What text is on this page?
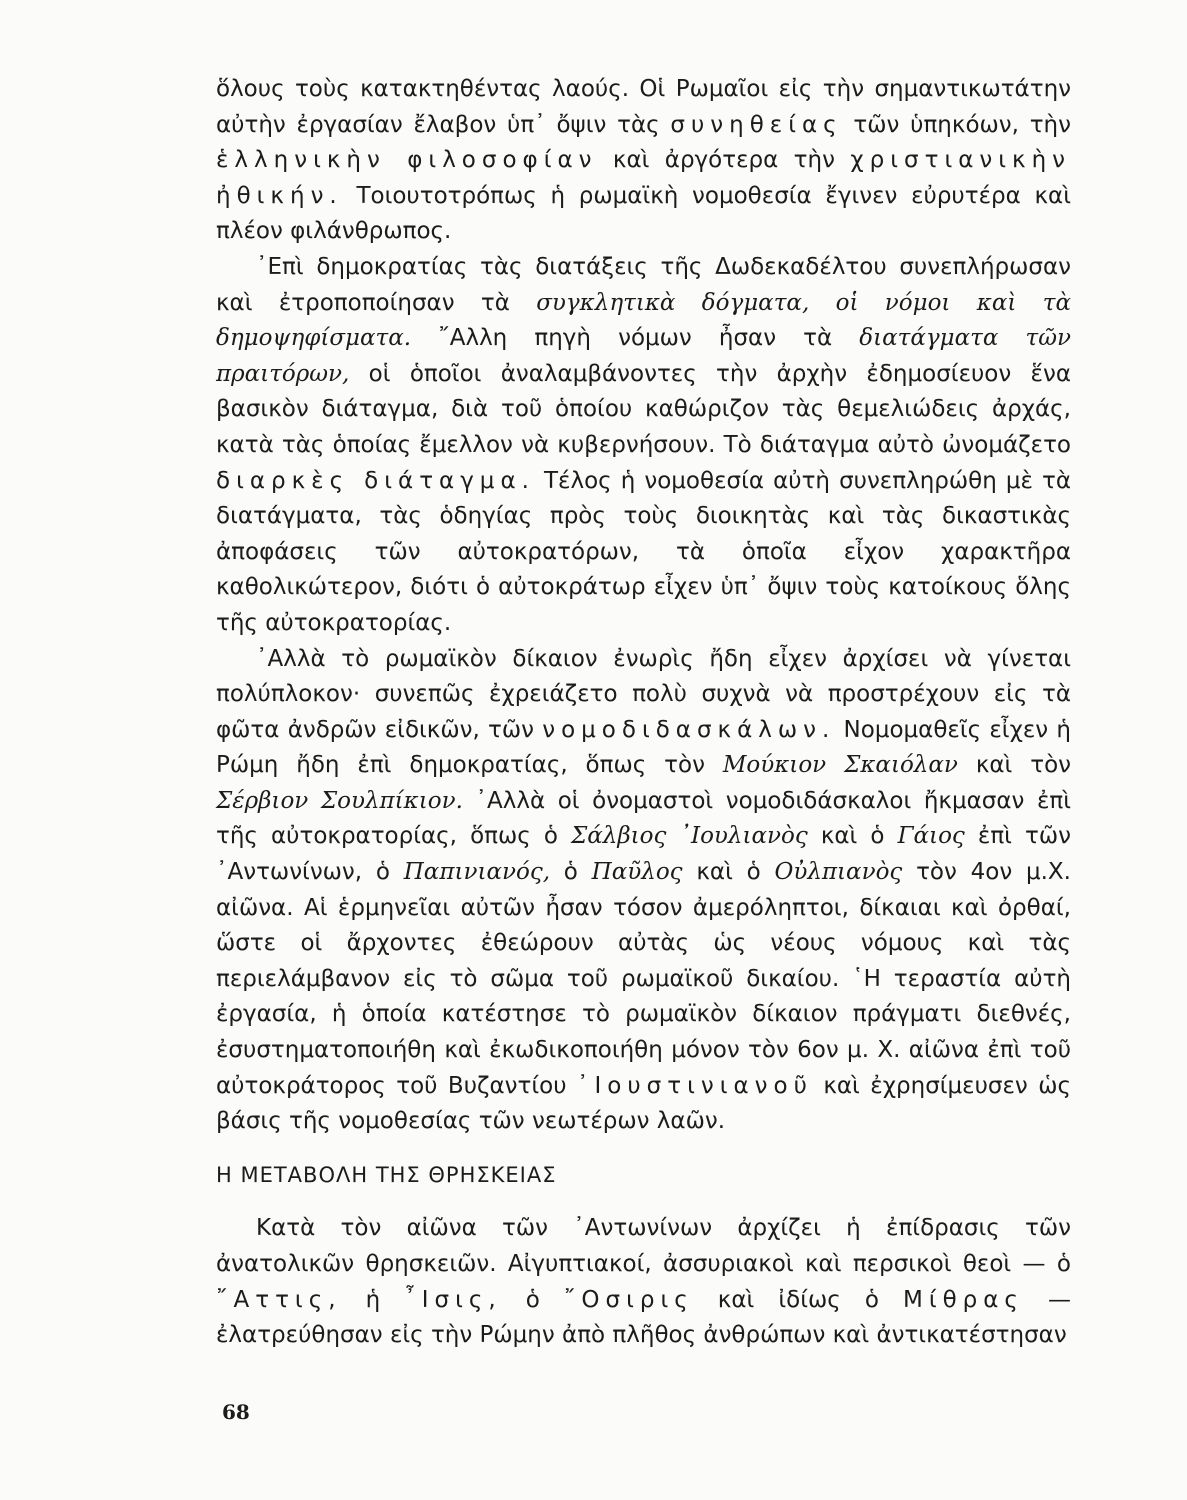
ὅλους τοὺς κατακτηθέντας λαούς. Οἱ Ρωμαῖοι εἰς τὴν σημαντικωτάτην αὐτὴν ἐργασίαν ἔλαβον ὑπ᾽ ὄψιν τὰς συνηθείας τῶν ὑπηκόων, τὴν ἑλληνικὴν φιλοσοφίαν καὶ ἀργότερα τὴν χριστιανικὴν ἠθικήν. Τοιουτοτρόπως ἡ ρωμαϊκὴ νομοθεσία ἔγινεν εὐρυτέρα καὶ πλέον φιλάνθρωπος.

᾽Επὶ δημοκρατίας τὰς διατάξεις τῆς Δωδεκαδέλτου συνεπλήρωσαν καὶ ἐτροποποίησαν τὰ συγκλητικὰ δόγματα, οἱ νόμοι καὶ τὰ δημοψηφίσματα. ῎Αλλη πηγὴ νόμων ἦσαν τὰ διατάγματα τῶν πραιτόρων, οἱ ὁποῖοι ἀναλαμβάνοντες τὴν ἀρχὴν ἐδημοσίευον ἕνα βασικὸν διάταγμα, διὰ τοῦ ὁποίου καθώριζον τὰς θεμελιώδεις ἀρχάς, κατὰ τὰς ὁποίας ἔμελλον νὰ κυβερνήσουν. Τὸ διάταγμα αὐτὸ ὠνομάζετο διαρκὲς διάταγμα. Τέλος ἡ νομοθεσία αὐτὴ συνεπληρώθη μὲ τὰ διατάγματα, τὰς ὁδηγίας πρὸς τοὺς διοικητὰς καὶ τὰς δικαστικὰς ἀποφάσεις τῶν αὐτοκρατόρων, τὰ ὁποῖα εἶχον χαρακτῆρα καθολικώτερον, διότι ὁ αὐτοκράτωρ εἶχεν ὑπ᾽ ὄψιν τοὺς κατοίκους ὅλης τῆς αὐτοκρατορίας.

᾽Αλλὰ τὸ ρωμαϊκὸν δίκαιον ἐνωρὶς ἤδη εἶχεν ἀρχίσει νὰ γίνεται πολύπλοκον· συνεπῶς ἐχρειάζετο πολὺ συχνὰ νὰ προστρέχουν εἰς τὰ φῶτα ἀνδρῶν εἰδικῶν, τῶν νομοδιδασκάλων. Νομομαθεῖς εἶχεν ἡ Ρώμη ἤδη ἐπὶ δημοκρατίας, ὅπως τὸν Μούκιον Σκαιόλαν καὶ τὸν Σέρβιον Σουλπίκιον. ᾽Αλλὰ οἱ ὀνομαστοὶ νομοδιδάσκαλοι ἤκμασαν ἐπὶ τῆς αὐτοκρατορίας, ὅπως ὁ Σάλβιος ᾽Ιουλιανὸς καὶ ὁ Γάιος ἐπὶ τῶν ᾽Αντωνίνων, ὁ Παπινιανός, ὁ Παῦλος καὶ ὁ Οὐλπιανὸς τὸν 4ον μ.Χ. αἰῶνα. Αἱ ἑρμηνεῖαι αὐτῶν ἦσαν τόσον ἀμερόληπτοι, δίκαιαι καὶ ὀρθαί, ὥστε οἱ ἄρχοντες ἐθεώρουν αὐτὰς ὡς νέους νόμους καὶ τὰς περιελάμβανον εἰς τὸ σῶμα τοῦ ρωμαϊκοῦ δικαίου. ῾Η τεραστία αὐτὴ ἐργασία, ἡ ὁποία κατέστησε τὸ ρωμαϊκὸν δίκαιον πράγματι διεθνές, ἐσυστηματοποιήθη καὶ ἐκωδικοποιήθη μόνον τὸν 6ον μ. Χ. αἰῶνα ἐπὶ τοῦ αὐτοκράτορος τοῦ Βυζαντίου ᾽Ιουστινιανοῦ καὶ ἐχρησίμευσεν ὡς βάσις τῆς νομοθεσίας τῶν νεωτέρων λαῶν.

Η ΜΕΤΑΒΟΛΗ ΤΗΣ ΘΡΗΣΚΕΙΑΣ

Κατὰ τὸν αἰῶνα τῶν ᾽Αντωνίνων ἀρχίζει ἡ ἐπίδρασις τῶν ἀνατολικῶν θρησκειῶν. Αἰγυπτιακοί, ἀσσυριακοὶ καὶ περσικοὶ θεοὶ — ὁ ῎Αττις, ἡ ῏Ισις, ὁ ῎Οσιρις καὶ ἰδίως ὁ Μίθρας — ἐλατρεύθησαν εἰς τὴν Ρώμην ἀπὸ πλῆθος ἀνθρώπων καὶ ἀντικατέστησαν

68
